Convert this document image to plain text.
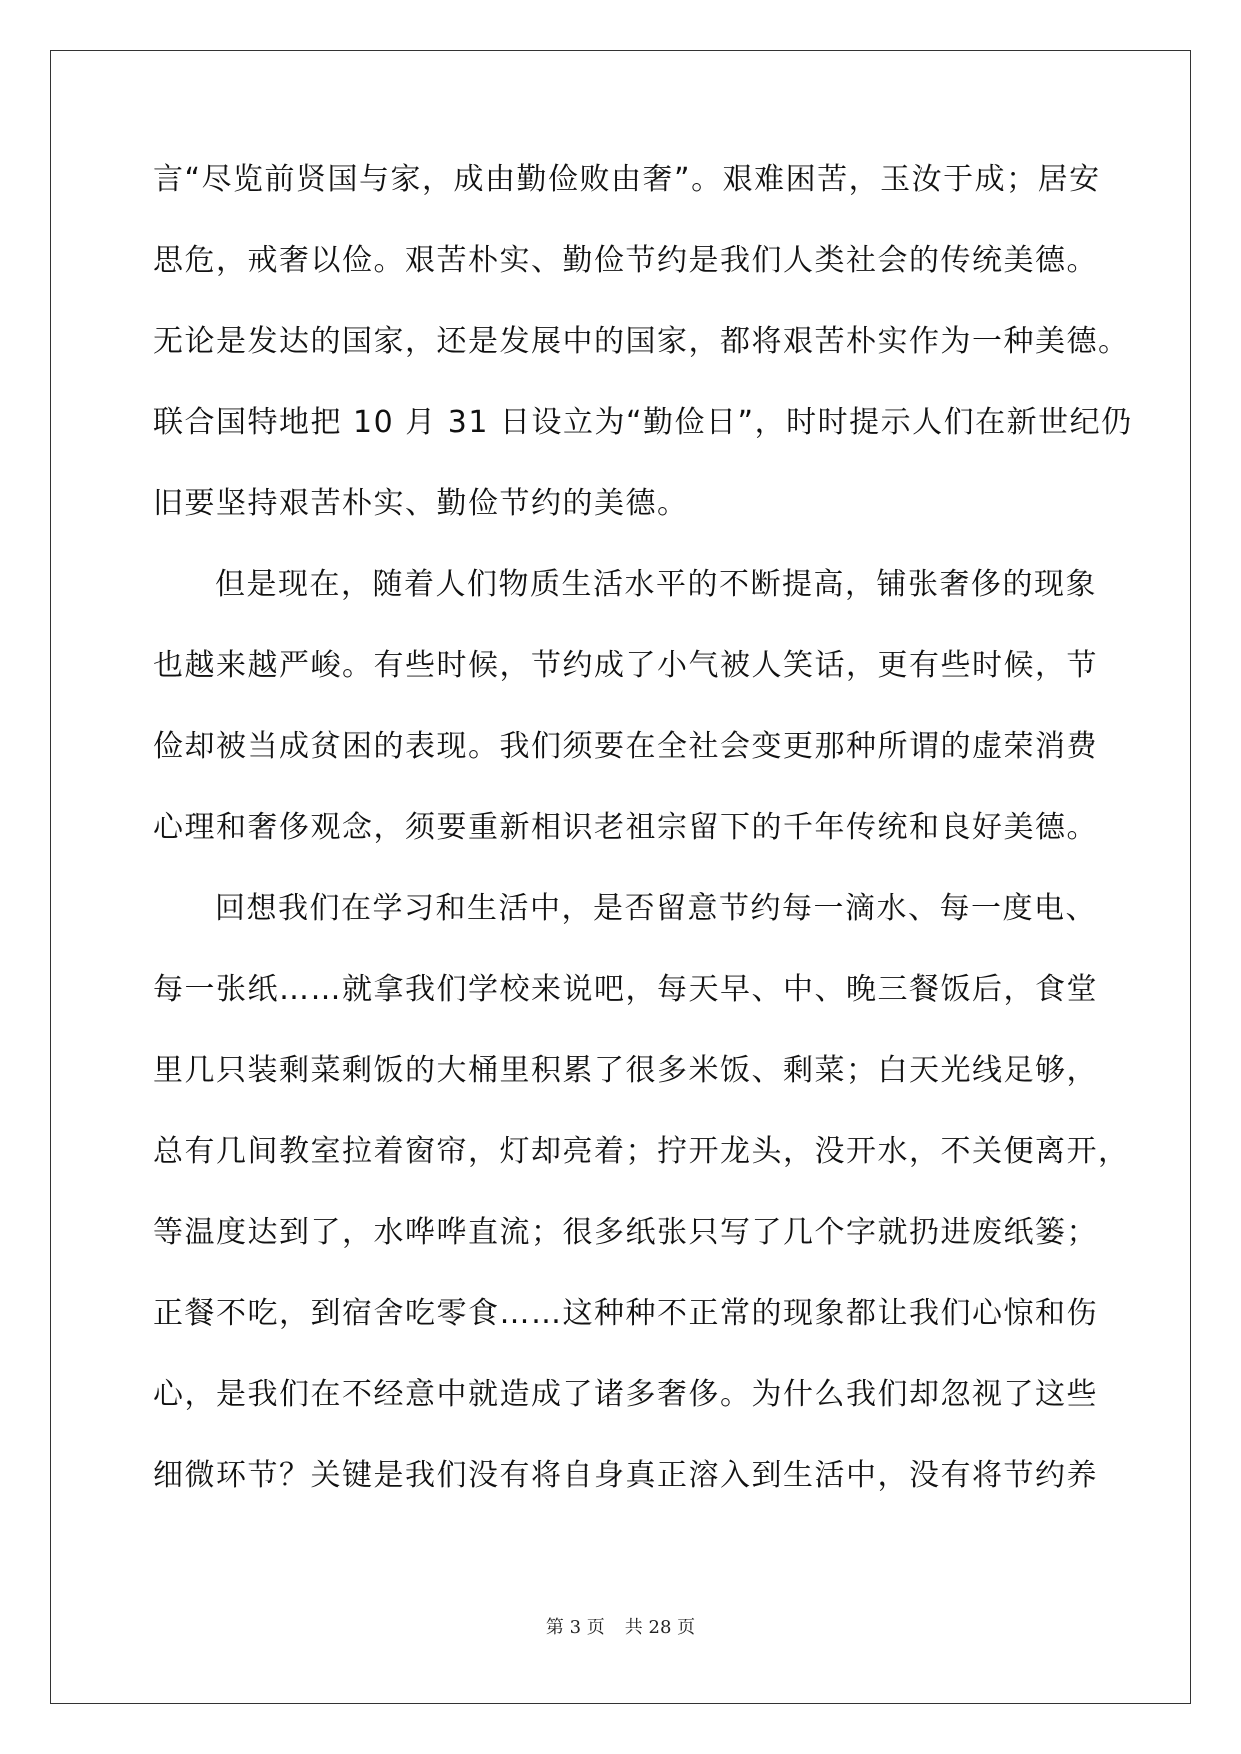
言“尽览前贤国与家，成由勤俭败由奢”。艰难困苦，玉汝于成；居安
思危，戒奢以俭。艰苦朴实、勤俭节约是我们人类社会的传统美德。
无论是发达的国家，还是发展中的国家，都将艰苦朴实作为一种美德。
联合国特地把 10 月 31 日设立为“勤俭日”，时时提示人们在新世纪仍
旧要坚持艰苦朴实、勤俭节约的美德。
但是现在，随着人们物质生活水平的不断提高，铺张奢侈的现象
也越来越严峻。有些时候，节约成了小气被人笑话，更有些时候，节
俭却被当成贫困的表现。我们须要在全社会变更那种所谓的虚荣消费
心理和奢侈观念，须要重新相识老祖宗留下的千年传统和良好美德。
回想我们在学习和生活中，是否留意节约每一滴水、每一度电、
每一张纸……就拿我们学校来说吧，每天早、中、晚三餐饭后，食堂
里几只装剩菜剩饭的大桶里积累了很多米饭、剩菜；白天光线足够，
总有几间教室拉着窗帘，灯却亮着；拧开龙头，没开水，不关便离开，
等温度达到了，水哗哗直流；很多纸张只写了几个字就扔进废纸篓；
正餐不吃，到宿舍吃零食……这种种不正常的现象都让我们心惊和伤
心，是我们在不经意中就造成了诸多奢侈。为什么我们却忽视了这些
细微环节？关键是我们没有将自身真正溶入到生活中，没有将节约养
第 3 页 共 28 页
